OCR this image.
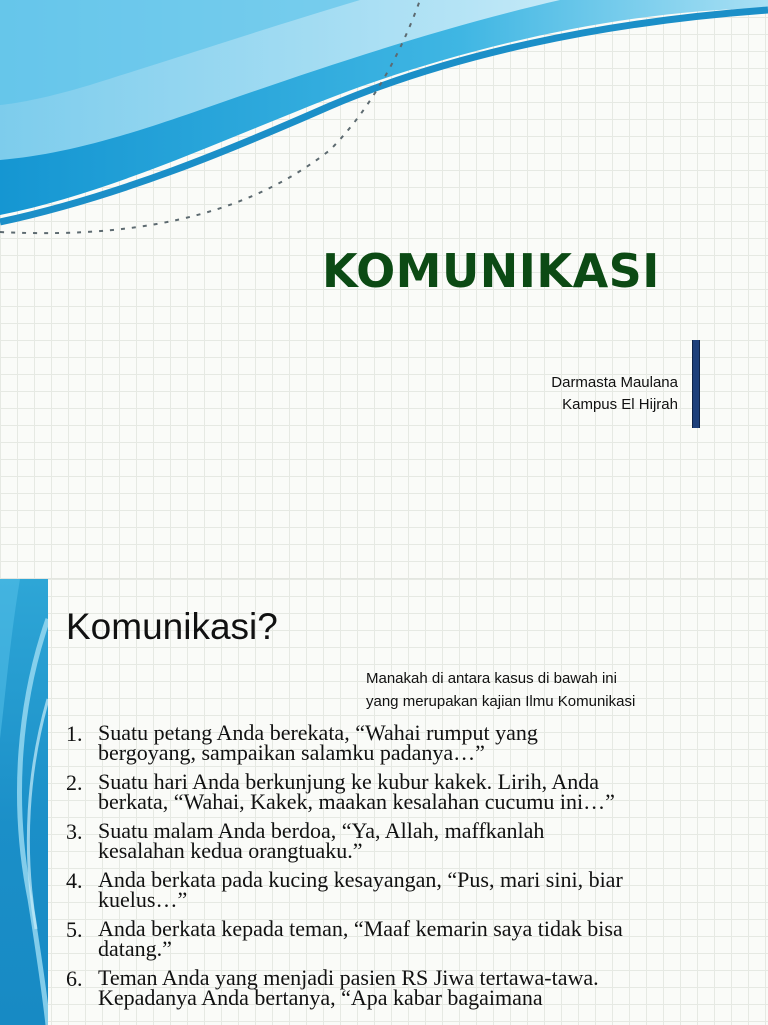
KOMUNIKASI
Darmasta Maulana
Kampus El Hijrah
Komunikasi?
Manakah di antara kasus di bawah ini
yang merupakan kajian Ilmu Komunikasi
1. Suatu petang Anda berekata, “Wahai rumput yang
bergoyang, sampaikan salamku padanya…”
2. Suatu hari Anda berkunjung ke kubur kakek. Lirih, Anda
berkata, “Wahai, Kakek, maakan kesalahan cucumu ini…”
3. Suatu malam Anda berdoa, “Ya, Allah, maffkanlah
kesalahan kedua orangtuaku.”
4. Anda berkata pada kucing kesayangan, “Pus, mari sini, biar
kuelus…”
5. Anda berkata kepada teman, “Maaf kemarin saya tidak bisa
datang.”
6. Teman Anda yang menjadi pasien RS Jiwa tertawa-tawa.
Kepadanya Anda bertanya, “Apa kabar bagaimana
